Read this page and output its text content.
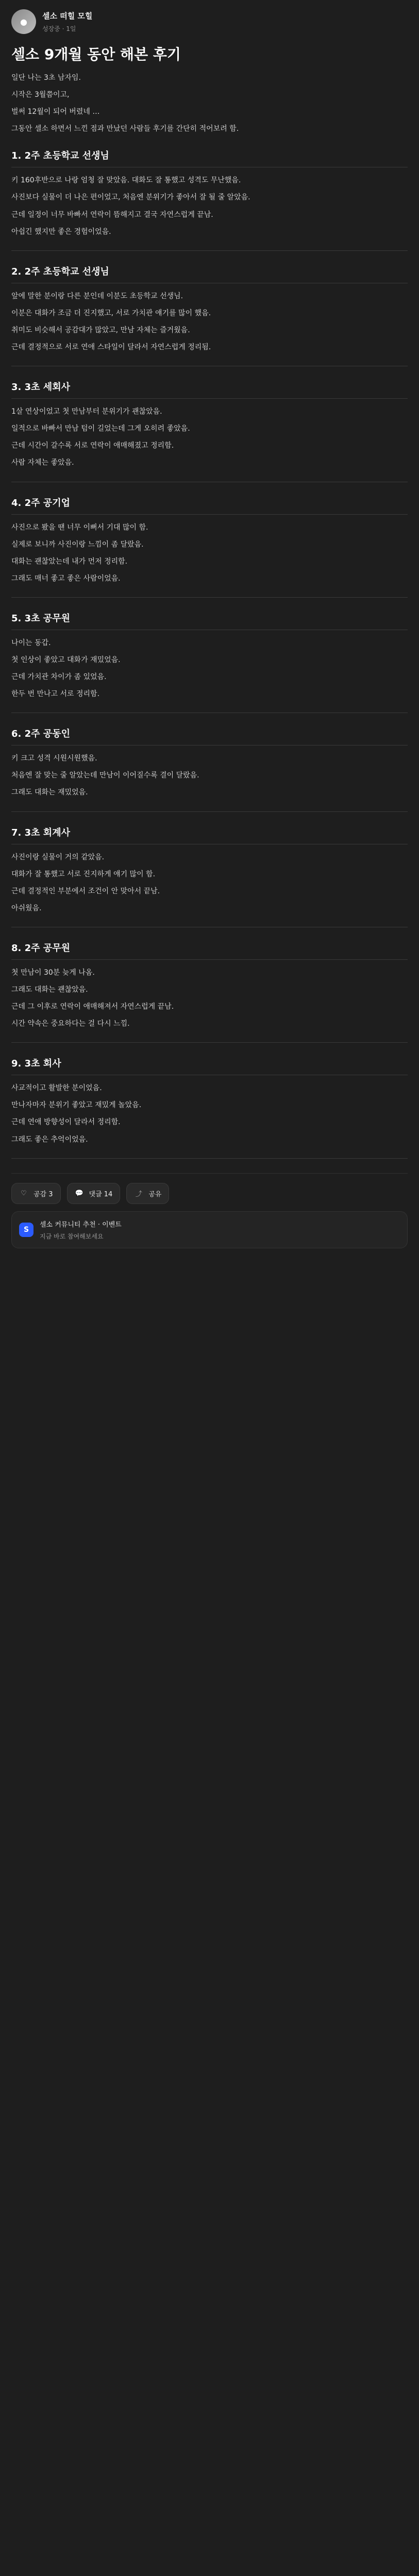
●
셀소 떠힐 모힐
성장중 · 1일
셀소 9개월 동안 해본 후기
일단 나는 3초 남자임.
시작은 3월쯤이고,
벌써 12월이 되어 버렸네 …
그동안 셀소 하면서 느낀 점과 만났던 사람들 후기를 간단히 적어보려 함.
1. 2주 초등학교 선생님
키 160후반으로 나랑 엄청 잘 맞았음. 대화도 잘 통했고 성격도 무난했음.
사진보다 실물이 더 나은 편이었고, 처음엔 분위기가 좋아서 잘 될 줄 알았음.
근데 일정이 너무 바빠서 연락이 뜸해지고 결국 자연스럽게 끝남.
아쉽긴 했지만 좋은 경험이었음.
2. 2주 초등학교 선생님
앞에 말한 분이랑 다른 분인데 이분도 초등학교 선생님.
이분은 대화가 조금 더 진지했고, 서로 가치관 얘기를 많이 했음.
취미도 비슷해서 공감대가 많았고, 만남 자체는 즐거웠음.
근데 결정적으로 서로 연애 스타일이 달라서 자연스럽게 정리됨.
3. 3초 세회사
1살 연상이었고 첫 만남부터 분위기가 괜찮았음.
일적으로 바빠서 만남 텀이 길었는데 그게 오히려 좋았음.
근데 시간이 갈수록 서로 연락이 애매해졌고 정리함.
사람 자체는 좋았음.
4. 2주 공기업
사진으로 봤을 땐 너무 이뻐서 기대 많이 함.
실제로 보니까 사진이랑 느낌이 좀 달랐음.
대화는 괜찮았는데 내가 먼저 정리함.
그래도 매너 좋고 좋은 사람이었음.
5. 3초 공무원
나이는 동갑.
첫 인상이 좋았고 대화가 재밌었음.
근데 가치관 차이가 좀 있었음.
한두 번 만나고 서로 정리함.
6. 2주 공동인
키 크고 성격 시원시원했음.
처음엔 잘 맞는 줄 알았는데 만남이 이어질수록 결이 달랐음.
그래도 대화는 재밌었음.
7. 3초 회계사
사진이랑 실물이 거의 같았음.
대화가 잘 통했고 서로 진지하게 얘기 많이 함.
근데 결정적인 부분에서 조건이 안 맞아서 끝남.
아쉬웠음.
8. 2주 공무원
첫 만남이 30분 늦게 나옴.
그래도 대화는 괜찮았음.
근데 그 이후로 연락이 애매해져서 자연스럽게 끝남.
시간 약속은 중요하다는 걸 다시 느낌.
9. 3초 회사
사교적이고 활발한 분이었음.
만나자마자 분위기 좋았고 재밌게 놀았음.
근데 연애 방향성이 달라서 정리함.
그래도 좋은 추억이었음.
♡ 공감 3	💬 댓글 14	⤴ 공유
S
셀소 커뮤니티 추천 · 이벤트
지금 바로 참여해보세요
